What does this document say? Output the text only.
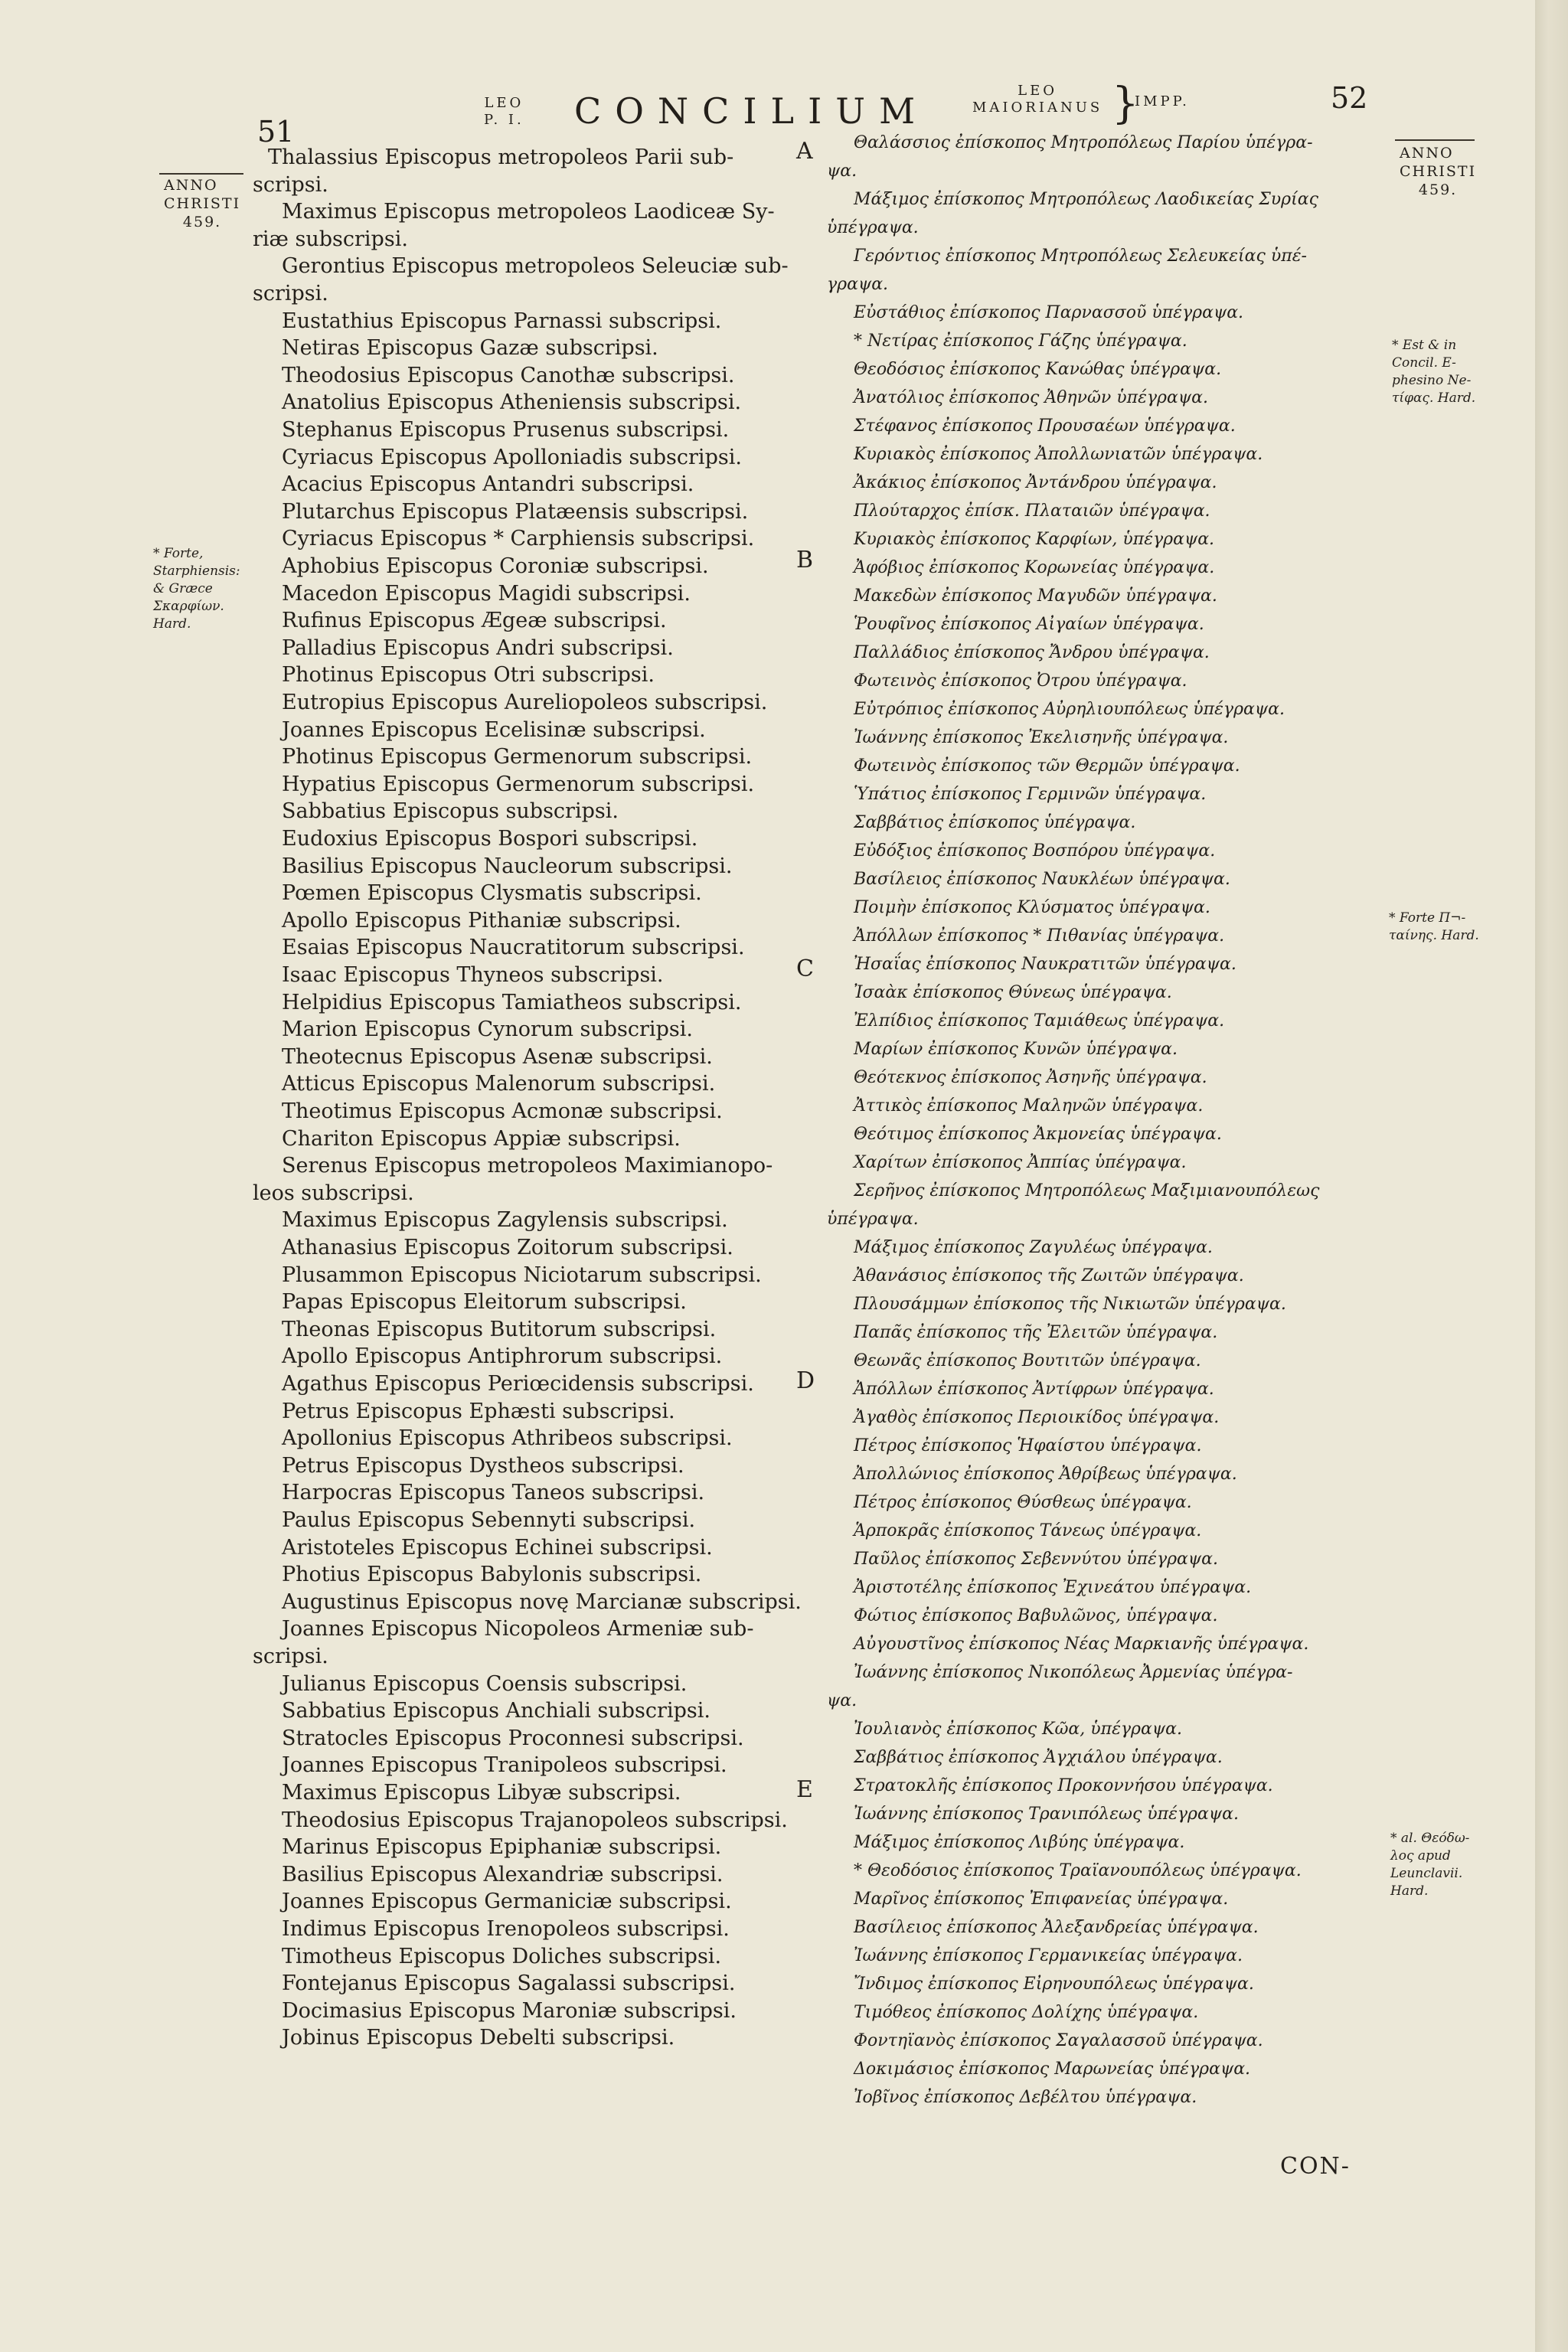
51
LEO
P. I. CONCILIUM	LEO
MAIORIANUS }
IMPP.	52
ANNO
CHRISTI
459.
* Forte,
Starphiensis:
& Græce
Σκαρφίων.
Hard.
ANNO
CHRISTI
459.
* Est & in
Concil. E-
phesino Ne-
τίφας. Hard.
* Forte Π¬-
ταίνης. Hard.
* al. Θεόδω-
λος apud
Leunclavii.
Hard.
A
B
C
D
E
Thalassius Episcopus metropoleos Parii sub-
scripsi.
Maximus Episcopus metropoleos Laodiceæ Sy-
riæ subscripsi.
Gerontius Episcopus metropoleos Seleuciæ sub-
scripsi.
Eustathius Episcopus Parnassi subscripsi.
Netiras Episcopus Gazæ subscripsi.
Theodosius Episcopus Canothæ subscripsi.
Anatolius Episcopus Atheniensis subscripsi.
Stephanus Episcopus Prusenus subscripsi.
Cyriacus Episcopus Apolloniadis subscripsi.
Acacius Episcopus Antandri subscripsi.
Plutarchus Episcopus Platæensis subscripsi.
Cyriacus Episcopus * Carphiensis subscripsi.
Aphobius Episcopus Coroniæ subscripsi.
Macedon Episcopus Magidi subscripsi.
Rufinus Episcopus Ægeæ subscripsi.
Palladius Episcopus Andri subscripsi.
Photinus Episcopus Otri subscripsi.
Eutropius Episcopus Aureliopoleos subscripsi.
Joannes Episcopus Ecelisinæ subscripsi.
Photinus Episcopus Germenorum subscripsi.
Hypatius Episcopus Germenorum subscripsi.
Sabbatius Episcopus subscripsi.
Eudoxius Episcopus Bospori subscripsi.
Basilius Episcopus Naucleorum subscripsi.
Pœmen Episcopus Clysmatis subscripsi.
Apollo Episcopus Pithaniæ subscripsi.
Esaias Episcopus Naucratitorum subscripsi.
Isaac Episcopus Thyneos subscripsi.
Helpidius Episcopus Tamiatheos subscripsi.
Marion Episcopus Cynorum subscripsi.
Theotecnus Episcopus Asenæ subscripsi.
Atticus Episcopus Malenorum subscripsi.
Theotimus Episcopus Acmonæ subscripsi.
Chariton Episcopus Appiæ subscripsi.
Serenus Episcopus metropoleos Maximianopo-
leos subscripsi.
Maximus Episcopus Zagylensis subscripsi.
Athanasius Episcopus Zoitorum subscripsi.
Plusammon Episcopus Niciotarum subscripsi.
Papas Episcopus Eleitorum subscripsi.
Theonas Episcopus Butitorum subscripsi.
Apollo Episcopus Antiphrorum subscripsi.
Agathus Episcopus Periœcidensis subscripsi.
Petrus Episcopus Ephæsti subscripsi.
Apollonius Episcopus Athribeos subscripsi.
Petrus Episcopus Dystheos subscripsi.
Harpocras Episcopus Taneos subscripsi.
Paulus Episcopus Sebennyti subscripsi.
Aristoteles Episcopus Echinei subscripsi.
Photius Episcopus Babylonis subscripsi.
Augustinus Episcopus novę Marcianæ subscripsi.
Joannes Episcopus Nicopoleos Armeniæ sub-
scripsi.
Julianus Episcopus Coensis subscripsi.
Sabbatius Episcopus Anchiali subscripsi.
Stratocles Episcopus Proconnesi subscripsi.
Joannes Episcopus Tranipoleos subscripsi.
Maximus Episcopus Libyæ subscripsi.
Theodosius Episcopus Trajanopoleos subscripsi.
Marinus Episcopus Epiphaniæ subscripsi.
Basilius Episcopus Alexandriæ subscripsi.
Joannes Episcopus Germaniciæ subscripsi.
Indimus Episcopus Irenopoleos subscripsi.
Timotheus Episcopus Doliches subscripsi.
Fontejanus Episcopus Sagalassi subscripsi.
Docimasius Episcopus Maroniæ subscripsi.
Jobinus Episcopus Debelti subscripsi.
Θαλάσσιος ἐπίσκοπος Μητροπόλεως Παρίου ὑπέγρα-
ψα.
Μάξιμος ἐπίσκοπος Μητροπόλεως Λαοδικείας Συρίας
ὑπέγραψα.
Γερόντιος ἐπίσκοπος Μητροπόλεως Σελευκείας ὑπέ-
γραψα.
Εὐστάθιος ἐπίσκοπος Παρνασσοῦ ὑπέγραψα.
* Νετίρας ἐπίσκοπος Γάζης ὑπέγραψα.
Θεοδόσιος ἐπίσκοπος Κανώθας ὑπέγραψα.
Ἀνατόλιος ἐπίσκοπος Ἀθηνῶν ὑπέγραψα.
Στέφανος ἐπίσκοπος Προυσαέων ὑπέγραψα.
Κυριακὸς ἐπίσκοπος Ἀπολλωνιατῶν ὑπέγραψα.
Ἀκάκιος ἐπίσκοπος Ἀντάνδρου ὑπέγραψα.
Πλούταρχος ἐπίσκ. Πλαταιῶν ὑπέγραψα.
Κυριακὸς ἐπίσκοπος Καρφίων, ὑπέγραψα.
Ἀφόβιος ἐπίσκοπος Κορωνείας ὑπέγραψα.
Μακεδὼν ἐπίσκοπος Μαγυδῶν ὑπέγραψα.
Ῥουφῖνος ἐπίσκοπος Αἰγαίων ὑπέγραψα.
Παλλάδιος ἐπίσκοπος Ἄνδρου ὑπέγραψα.
Φωτεινὸς ἐπίσκοπος Ὀτρου ὑπέγραψα.
Εὐτρόπιος ἐπίσκοπος Αὐρηλιουπόλεως ὑπέγραψα.
Ἰωάννης ἐπίσκοπος Ἐκελισηνῆς ὑπέγραψα.
Φωτεινὸς ἐπίσκοπος τῶν Θερμῶν ὑπέγραψα.
Ὑπάτιος ἐπίσκοπος Γερμινῶν ὑπέγραψα.
Σαββάτιος ἐπίσκοπος ὑπέγραψα.
Εὐδόξιος ἐπίσκοπος Βοσπόρου ὑπέγραψα.
Βασίλειος ἐπίσκοπος Ναυκλέων ὑπέγραψα.
Ποιμὴν ἐπίσκοπος Κλύσματος ὑπέγραψα.
Ἀπόλλων ἐπίσκοπος * Πιθανίας ὑπέγραψα.
Ἠσαΐας ἐπίσκοπος Ναυκρατιτῶν ὑπέγραψα.
Ἰσαὰκ ἐπίσκοπος Θύνεως ὑπέγραψα.
Ἐλπίδιος ἐπίσκοπος Ταμιάθεως ὑπέγραψα.
Μαρίων ἐπίσκοπος Κυνῶν ὑπέγραψα.
Θεότεκνος ἐπίσκοπος Ἀσηνῆς ὑπέγραψα.
Ἀττικὸς ἐπίσκοπος Μαληνῶν ὑπέγραψα.
Θεότιμος ἐπίσκοπος Ἀκμονείας ὑπέγραψα.
Χαρίτων ἐπίσκοπος Ἀππίας ὑπέγραψα.
Σερῆνος ἐπίσκοπος Μητροπόλεως Μαξιμιανουπόλεως
ὑπέγραψα.
Μάξιμος ἐπίσκοπος Ζαγυλέως ὑπέγραψα.
Ἀθανάσιος ἐπίσκοπος τῆς Ζωιτῶν ὑπέγραψα.
Πλουσάμμων ἐπίσκοπος τῆς Νικιωτῶν ὑπέγραψα.
Παπᾶς ἐπίσκοπος τῆς Ἐλειτῶν ὑπέγραψα.
Θεωνᾶς ἐπίσκοπος Βουτιτῶν ὑπέγραψα.
Ἀπόλλων ἐπίσκοπος Ἀντίφρων ὑπέγραψα.
Ἀγαθὸς ἐπίσκοπος Περιοικίδος ὑπέγραψα.
Πέτρος ἐπίσκοπος Ἡφαίστου ὑπέγραψα.
Ἀπολλώνιος ἐπίσκοπος Ἀθρίβεως ὑπέγραψα.
Πέτρος ἐπίσκοπος Θύσθεως ὑπέγραψα.
Ἁρποκρᾶς ἐπίσκοπος Τάνεως ὑπέγραψα.
Παῦλος ἐπίσκοπος Σεβεννύτου ὑπέγραψα.
Ἀριστοτέλης ἐπίσκοπος Ἐχινεάτου ὑπέγραψα.
Φώτιος ἐπίσκοπος Βαβυλῶνος, ὑπέγραψα.
Αὐγουστῖνος ἐπίσκοπος Νέας Μαρκιανῆς ὑπέγραψα.
Ἰωάννης ἐπίσκοπος Νικοπόλεως Ἀρμενίας ὑπέγρα-
ψα.
Ἰουλιανὸς ἐπίσκοπος Κῶα, ὑπέγραψα.
Σαββάτιος ἐπίσκοπος Ἀγχιάλου ὑπέγραψα.
Στρατοκλῆς ἐπίσκοπος Προκοννήσου ὑπέγραψα.
Ἰωάννης ἐπίσκοπος Τρανιπόλεως ὑπέγραψα.
Μάξιμος ἐπίσκοπος Λιβύης ὑπέγραψα.
* Θεοδόσιος ἐπίσκοπος Τραϊανουπόλεως ὑπέγραψα.
Μαρῖνος ἐπίσκοπος Ἐπιφανείας ὑπέγραψα.
Βασίλειος ἐπίσκοπος Ἀλεξανδρείας ὑπέγραψα.
Ἰωάννης ἐπίσκοπος Γερμανικείας ὑπέγραψα.
Ἴνδιμος ἐπίσκοπος Εἰρηνουπόλεως ὑπέγραψα.
Τιμόθεος ἐπίσκοπος Δολίχης ὑπέγραψα.
Φοντηϊανὸς ἐπίσκοπος Σαγαλασσοῦ ὑπέγραψα.
Δοκιμάσιος ἐπίσκοπος Μαρωνείας ὑπέγραψα.
Ἰοβῖνος ἐπίσκοπος Δεβέλτου ὑπέγραψα.
CON-
